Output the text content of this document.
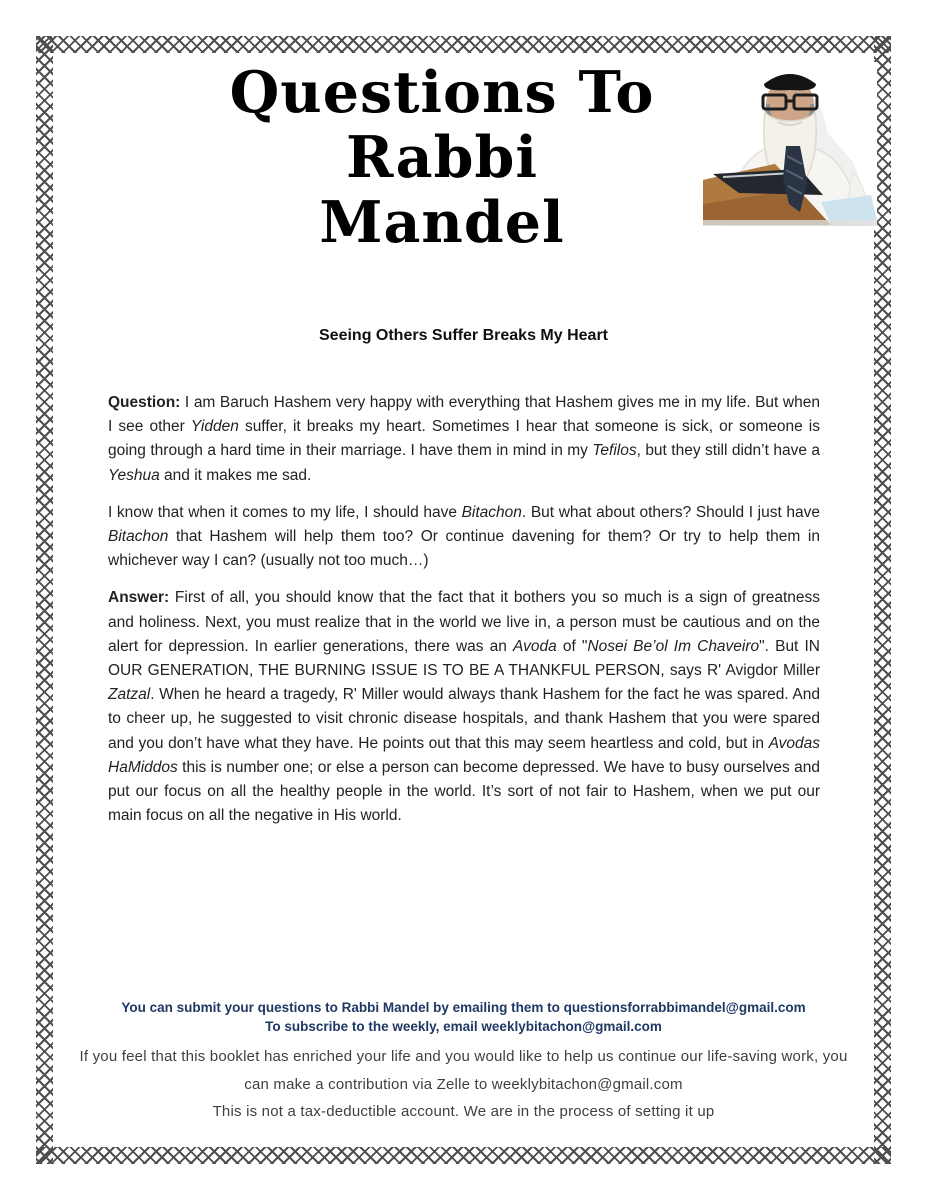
Questions To
Rabbi
Mandel
Seeing Others Suffer Breaks My Heart

Question: I am Baruch Hashem very happy with everything that Hashem gives me in my life. But when I see other Yidden suffer, it breaks my heart. Sometimes I hear that someone is sick, or someone is going through a hard time in their marriage. I have them in mind in my Tefilos, but they still didn’t have a Yeshua and it makes me sad.

I know that when it comes to my life, I should have Bitachon. But what about others? Should I just have Bitachon that Hashem will help them too? Or continue davening for them? Or try to help them in whichever way I can? (usually not too much…)

Answer: First of all, you should know that the fact that it bothers you so much is a sign of greatness and holiness. Next, you must realize that in the world we live in, a person must be cautious and on the alert for depression. In earlier generations, there was an Avoda of "Nosei Be’ol Im Chaveiro". But IN OUR GENERATION, THE BURNING ISSUE IS TO BE A THANKFUL PERSON, says R' Avigdor Miller Zatzal. When he heard a tragedy, R' Miller would always thank Hashem for the fact he was spared. And to cheer up, he suggested to visit chronic disease hospitals, and thank Hashem that you were spared and you don’t have what they have. He points out that this may seem heartless and cold, but in Avodas HaMiddos this is number one; or else a person can become depressed. We have to busy ourselves and put our focus on all the healthy people in the world. It’s sort of not fair to Hashem, when we put our main focus on all the negative in His world.

You can submit your questions to Rabbi Mandel by emailing them to questionsforrabbimandel@gmail.com
To subscribe to the weekly, email weeklybitachon@gmail.com
If you feel that this booklet has enriched your life and you would like to help us continue our life-saving work, you
can make a contribution via Zelle to weeklybitachon@gmail.com
This is not a tax-deductible account. We are in the process of setting it up
